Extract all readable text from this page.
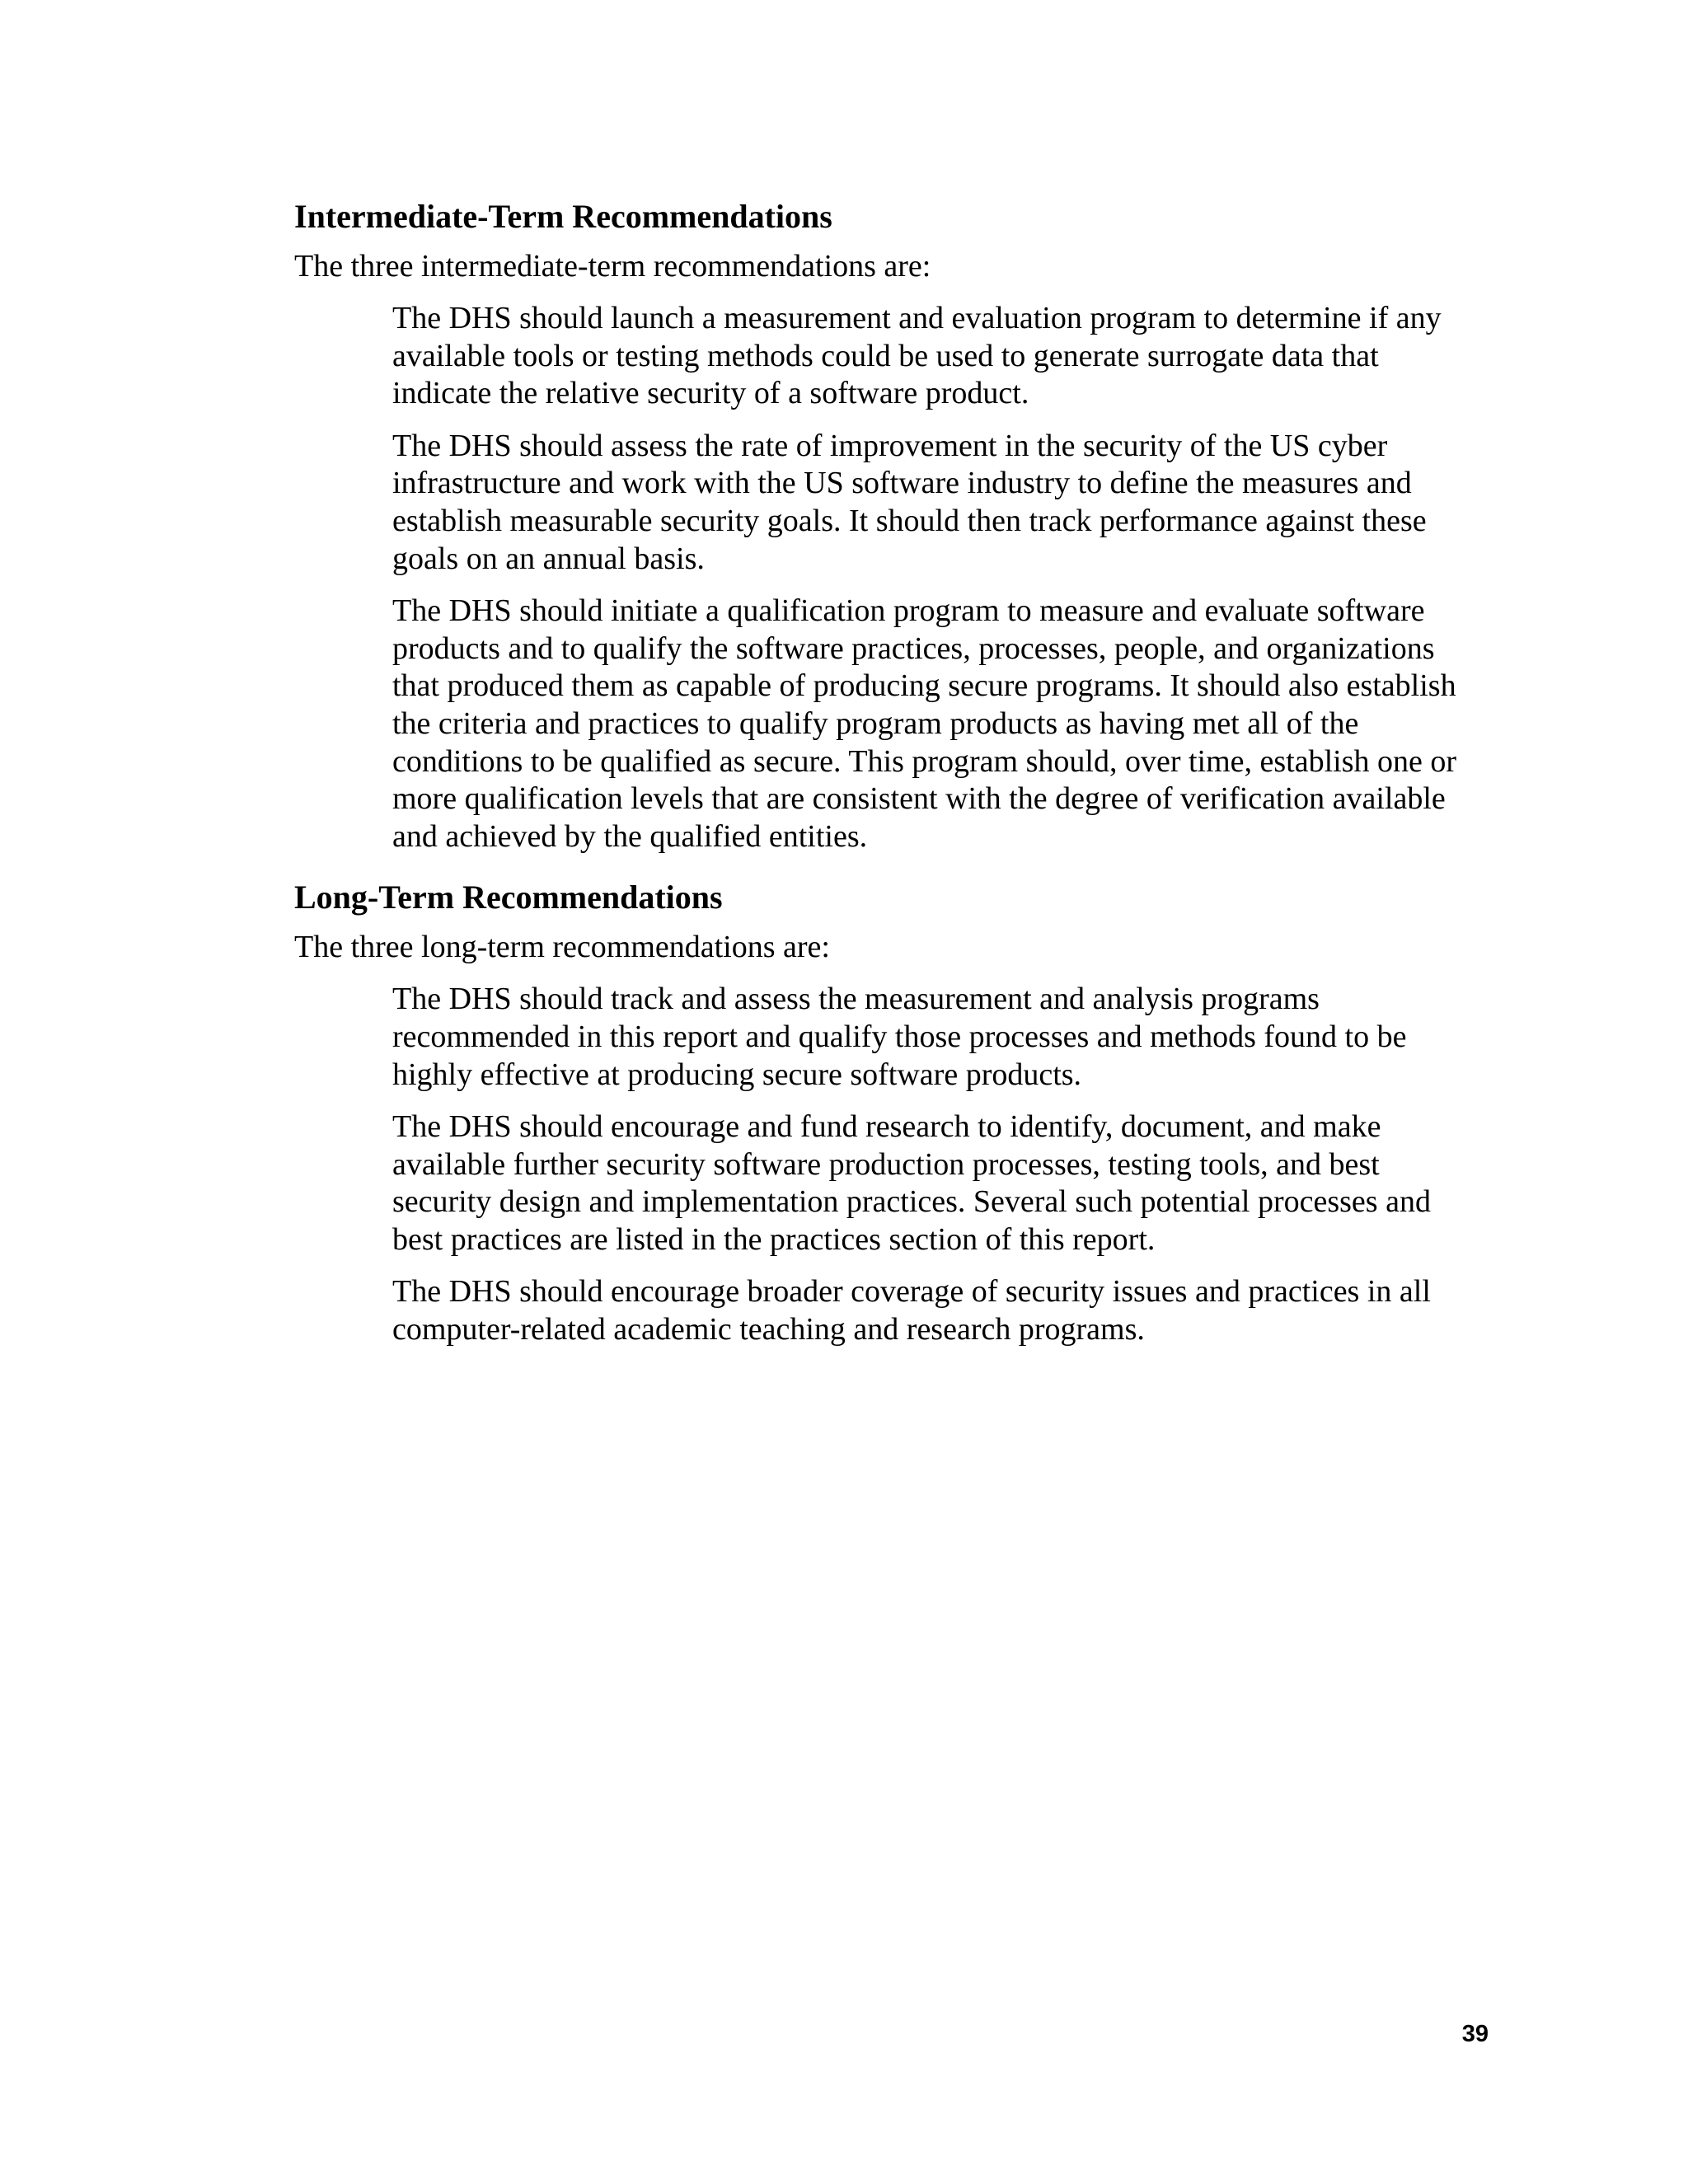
Intermediate-Term Recommendations

The three intermediate-term recommendations are:

The DHS should launch a measurement and evaluation program to determine if any available tools or testing methods could be used to generate surrogate data that indicate the relative security of a software product.
The DHS should assess the rate of improvement in the security of the US cyber infrastructure and work with the US software industry to define the measures and establish measurable security goals. It should then track performance against these goals on an annual basis.
The DHS should initiate a qualification program to measure and evaluate software products and to qualify the software practices, processes, people, and organizations that produced them as capable of producing secure programs. It should also establish the criteria and practices to qualify program products as having met all of the conditions to be qualified as secure. This program should, over time, establish one or more qualification levels that are consistent with the degree of verification available and achieved by the qualified entities.
Long-Term Recommendations

The three long-term recommendations are:

The DHS should track and assess the measurement and analysis programs recommended in this report and qualify those processes and methods found to be highly effective at producing secure software products.
The DHS should encourage and fund research to identify, document, and make available further security software production processes, testing tools, and best security design and implementation practices. Several such potential processes and best practices are listed in the practices section of this report.
The DHS should encourage broader coverage of security issues and practices in all computer-related academic teaching and research programs.
39
